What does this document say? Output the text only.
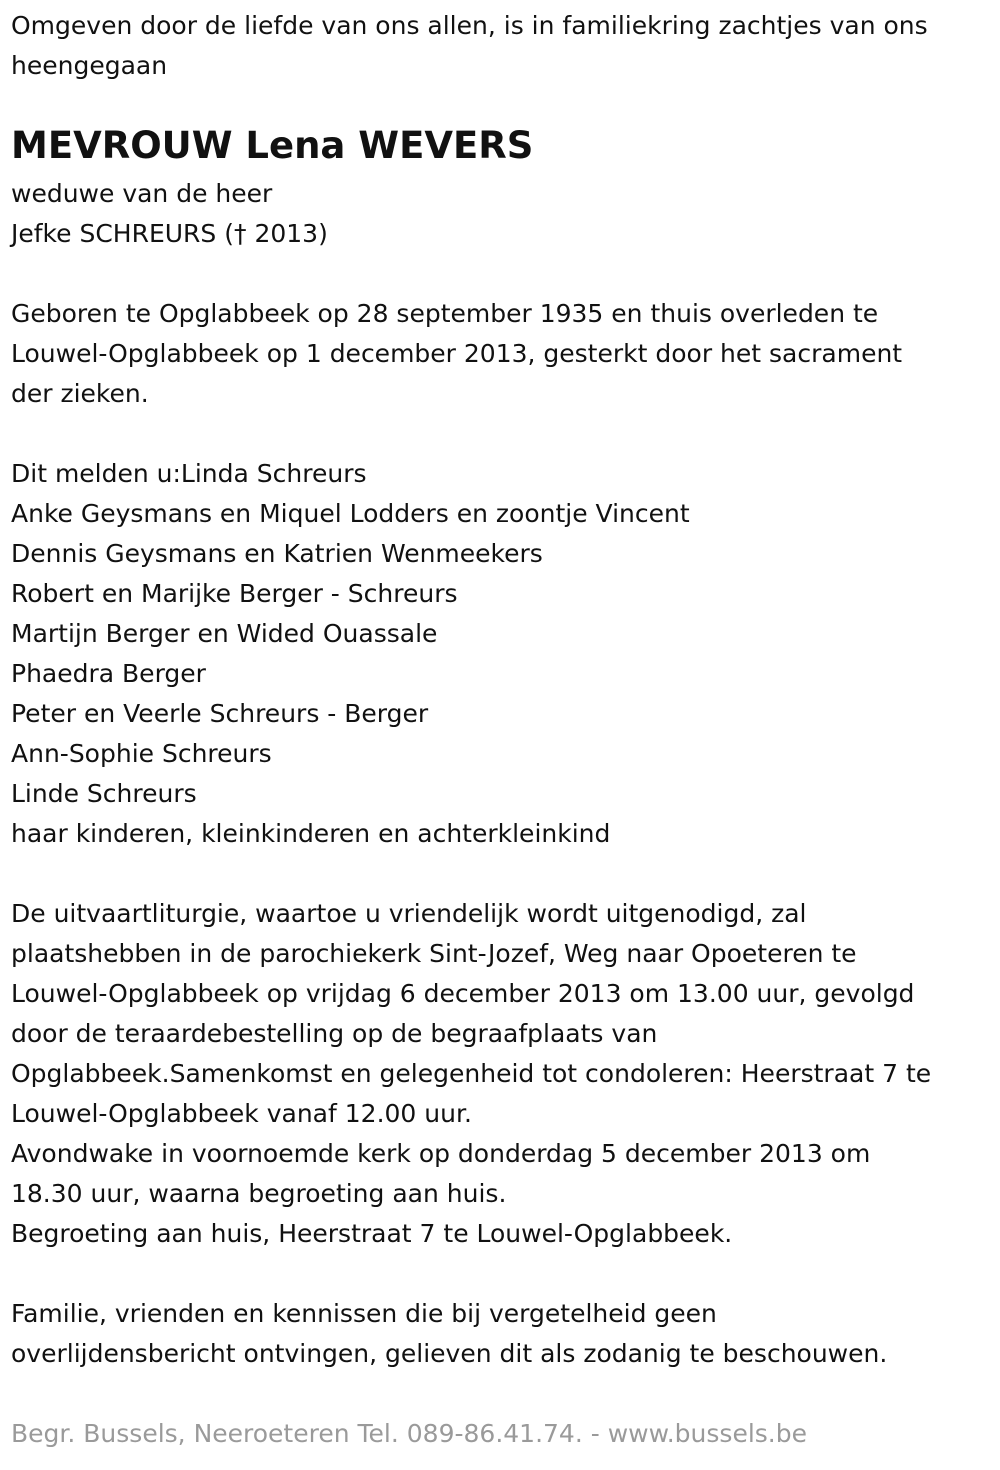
Omgeven door de liefde van ons allen, is in familiekring zachtjes van ons
heengegaan
MEVROUW Lena WEVERS
weduwe van de heer
Jefke SCHREURS († 2013)
Geboren te Opglabbeek op 28 september 1935 en thuis overleden te
Louwel-Opglabbeek op 1 december 2013, gesterkt door het sacrament
der zieken.
Dit melden u:Linda Schreurs
Anke Geysmans en Miquel Lodders en zoontje Vincent
Dennis Geysmans en Katrien Wenmeekers
Robert en Marijke Berger - Schreurs
Martijn Berger en Wided Ouassale
Phaedra Berger
Peter en Veerle Schreurs - Berger
Ann-Sophie Schreurs
Linde Schreurs
haar kinderen, kleinkinderen en achterkleinkind
De uitvaartliturgie, waartoe u vriendelijk wordt uitgenodigd, zal
plaatshebben in de parochiekerk Sint-Jozef, Weg naar Opoeteren te
Louwel-Opglabbeek op vrijdag 6 december 2013 om 13.00 uur, gevolgd
door de teraardebestelling op de begraafplaats van
Opglabbeek.Samenkomst en gelegenheid tot condoleren: Heerstraat 7 te
Louwel-Opglabbeek vanaf 12.00 uur.
Avondwake in voornoemde kerk op donderdag 5 december 2013 om
18.30 uur, waarna begroeting aan huis.
Begroeting aan huis, Heerstraat 7 te Louwel-Opglabbeek.
Familie, vrienden en kennissen die bij vergetelheid geen
overlijdensbericht ontvingen, gelieven dit als zodanig te beschouwen.
Begr. Bussels, Neeroeteren Tel. 089-86.41.74. - www.bussels.be
